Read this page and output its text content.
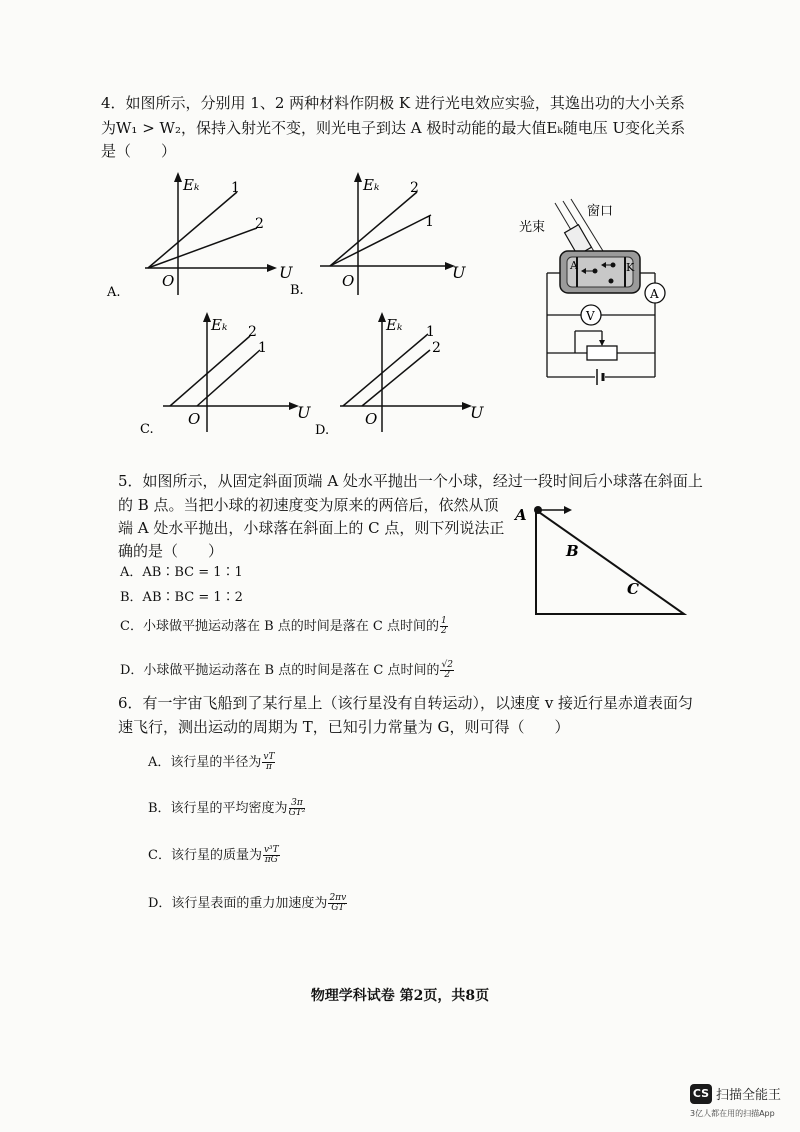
4．如图所示，分别用 1、2 两种材料作阴极 K 进行光电效应实验，其逸出功的大小关系
为W₁ > W₂，保持入射光不变，则光电子到达 A 极时动能的最大值Eₖ随电压 U变化关系
是（　　）
Eₖ
U
O
1
2
A.
Eₖ
U
O
2
1
B.
Eₖ
U
O
2
1
C.
Eₖ
U
O
1
2
D.
光束
窗口
A	K
A
V
5．如图所示，从固定斜面顶端 A 处水平抛出一个小球，经过一段时间后小球落在斜面上
的 B 点。当把小球的初速度变为原来的两倍后，依然从顶
端 A 处水平抛出，小球落在斜面上的 C 点，则下列说法正
确的是（　　）
A．AB∶BC = 1∶1
B．AB∶BC = 1∶2
C．小球做平抛运动落在 B 点的时间是落在 C 点时间的 $\frac{1}{2}$
D．小球做平抛运动落在 B 点的时间是落在 C 点时间的 $\frac{√2}{2}$
A
B
C
6．有一宇宙飞船到了某行星上（该行星没有自转运动），以速度 v 接近行星赤道表面匀
速飞行，测出运动的周期为 T，已知引力常量为 G，则可得（　　）
A．该行星的半径为 $\frac{vT}{\pi}$
B．该行星的平均密度为 $\frac{3\pi}{\text{GT²}}$
C．该行星的质量为 $\frac{\text{v³T}}{\pi G}$
D．该行星表面的重力加速度为 $\frac{2\pi v}{GT}$
物理学科试卷 第2页，共8页
CS 扫描全能王
3亿人都在用的扫描App
